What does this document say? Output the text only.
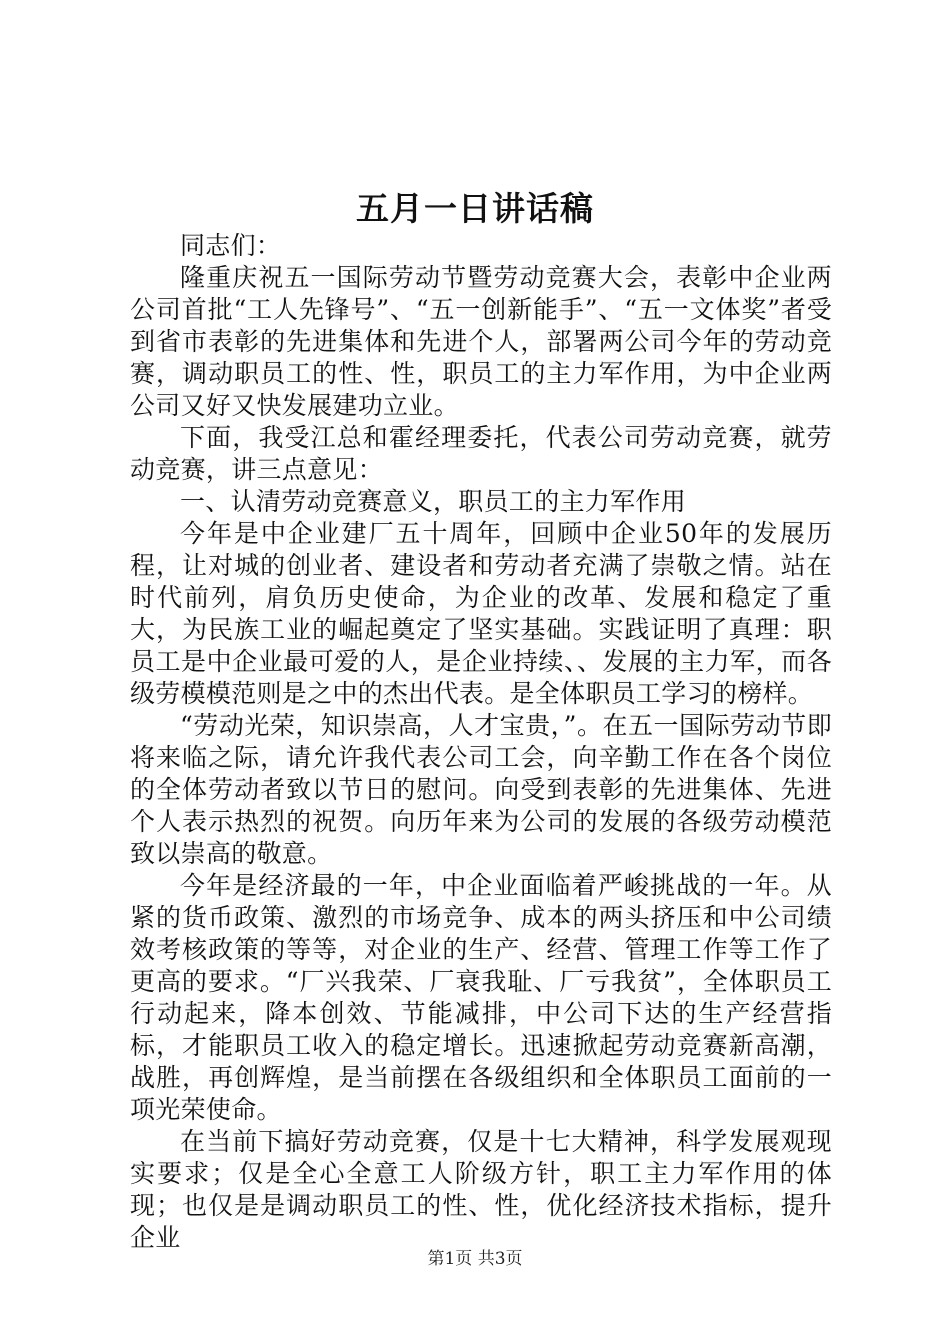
五月一日讲话稿

同志们：

隆重庆祝五一国际劳动节暨劳动竞赛大会，表彰中企业两公司首批“工人先锋号”、“五一创新能手”、“五一文体奖”者受到省市表彰的先进集体和先进个人，部署两公司今年的劳动竞赛，调动职员工的性、性，职员工的主力军作用，为中企业两公司又好又快发展建功立业。

下面，我受江总和霍经理委托，代表公司劳动竞赛，就劳动竞赛，讲三点意见：

一、认清劳动竞赛意义，职员工的主力军作用

今年是中企业建厂五十周年，回顾中企业50年的发展历程，让对城的创业者、建设者和劳动者充满了崇敬之情。站在时代前列，肩负历史使命，为企业的改革、发展和稳定了重大，为民族工业的崛起奠定了坚实基础。实践证明了真理：职员工是中企业最可爱的人，是企业持续、、发展的主力军，而各级劳模模范则是之中的杰出代表。是全体职员工学习的榜样。

“劳动光荣，知识崇高，人才宝贵，”。在五一国际劳动节即将来临之际，请允许我代表公司工会，向辛勤工作在各个岗位的全体劳动者致以节日的慰问。向受到表彰的先进集体、先进个人表示热烈的祝贺。向历年来为公司的发展的各级劳动模范致以崇高的敬意。

今年是经济最的一年，中企业面临着严峻挑战的一年。从紧的货币政策、激烈的市场竞争、成本的两头挤压和中公司绩效考核政策的等等，对企业的生产、经营、管理工作等工作了更高的要求。“厂兴我荣、厂衰我耻、厂亏我贫”，全体职员工行动起来，降本创效、节能减排，中公司下达的生产经营指标，才能职员工收入的稳定增长。迅速掀起劳动竞赛新高潮，战胜，再创辉煌，是当前摆在各级组织和全体职员工面前的一项光荣使命。

在当前下搞好劳动竞赛，仅是十七大精神，科学发展观现实要求；仅是全心全意工人阶级方针，职工主力军作用的体现；也仅是是调动职员工的性、性，优化经济技术指标，提升企业

第1页 共3页
